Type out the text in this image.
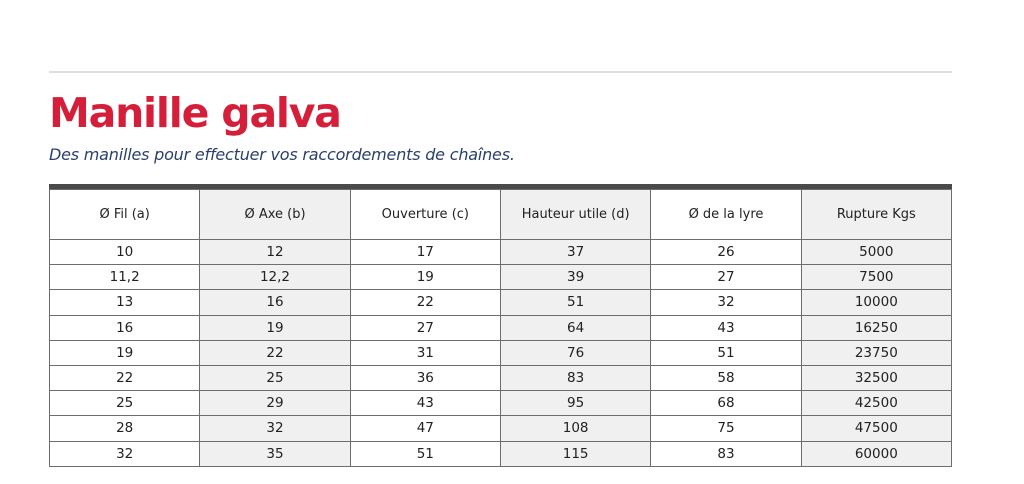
Manille galva

Des manilles pour effectuer vos raccordements de chaînes.

Ø Fil (a)	Ø Axe (b)	Ouverture (c)	Hauteur utile (d)	Ø de la lyre	Rupture Kgs
10	12	17	37	26	5000
11,2	12,2	19	39	27	7500
13	16	22	51	32	10000
16	19	27	64	43	16250
19	22	31	76	51	23750
22	25	36	83	58	32500
25	29	43	95	68	42500
28	32	47	108	75	47500
32	35	51	115	83	60000
